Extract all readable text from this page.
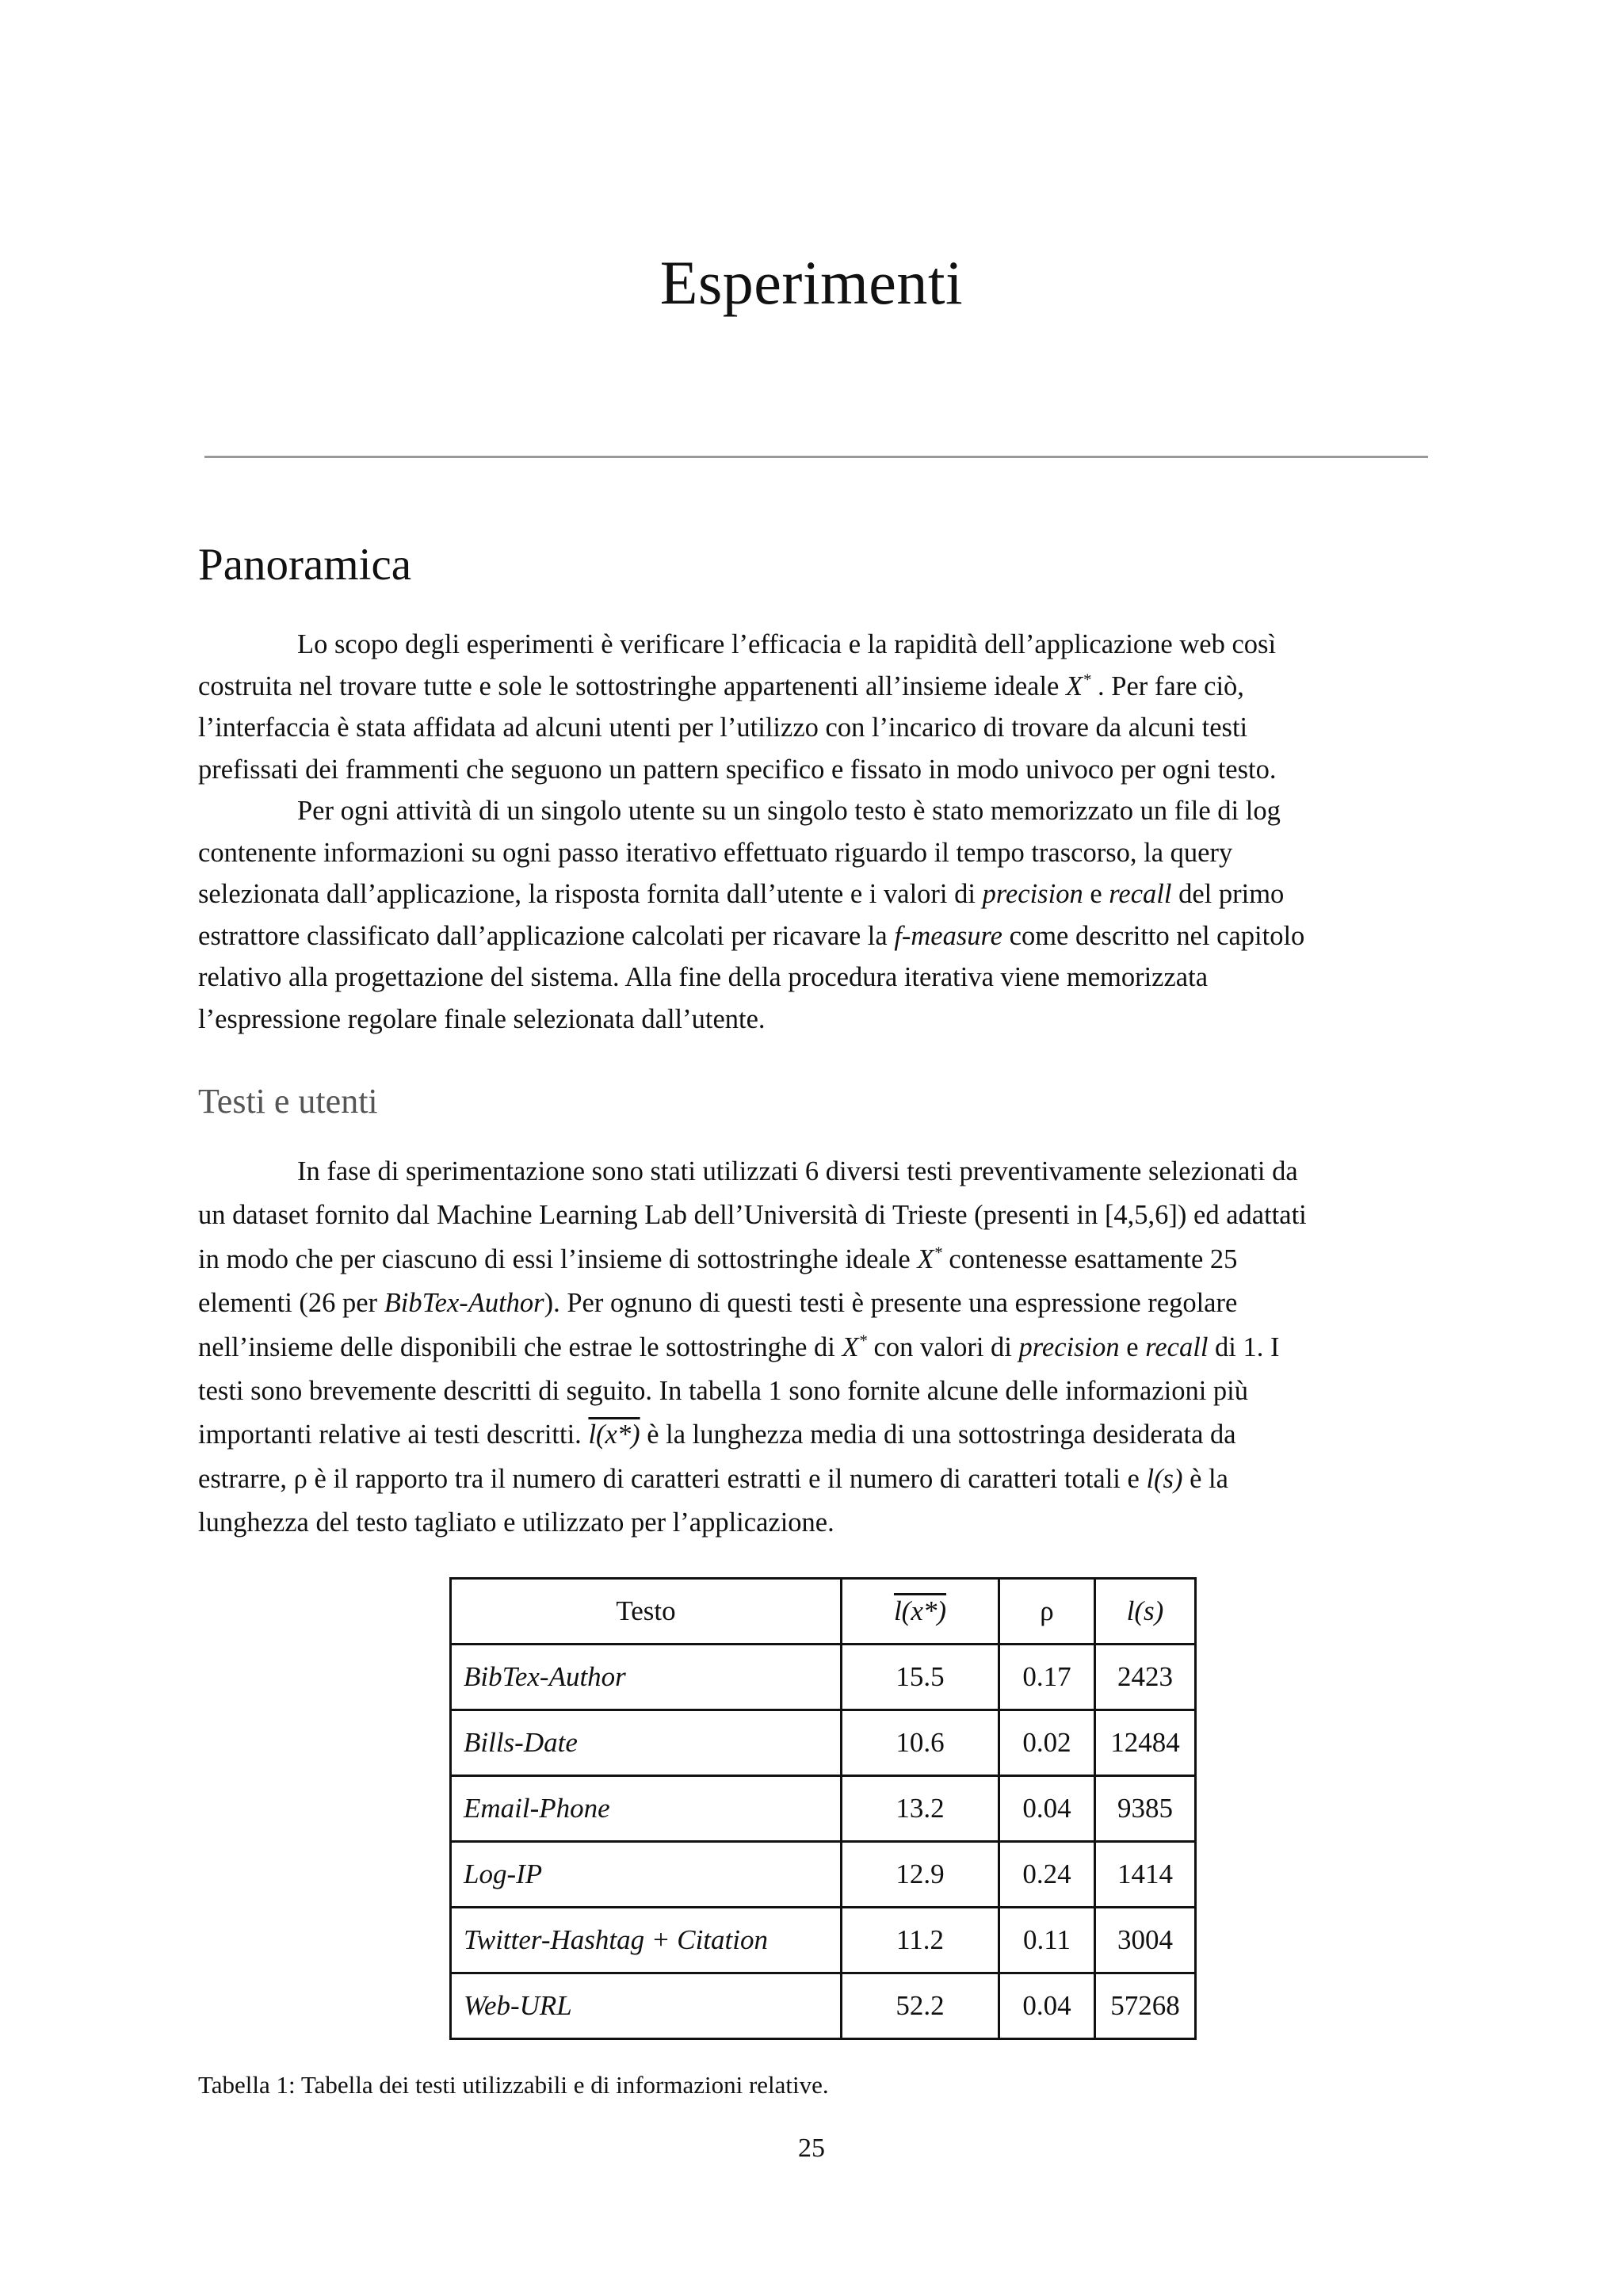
Esperimenti
Panoramica
Lo scopo degli esperimenti è verificare l’efficacia e la rapidità dell’applicazione web così
costruita nel trovare tutte e sole le sottostringhe appartenenti all’insieme ideale X* . Per fare ciò,
l’interfaccia è stata affidata ad alcuni utenti per l’utilizzo con l’incarico di trovare da alcuni testi
prefissati dei frammenti che seguono un pattern specifico e fissato in modo univoco per ogni testo.
Per ogni attività di un singolo utente su un singolo testo è stato memorizzato un file di log
contenente informazioni su ogni passo iterativo effettuato riguardo il tempo trascorso, la query
selezionata dall’applicazione, la risposta fornita dall’utente e i valori di precision e recall del primo
estrattore classificato dall’applicazione calcolati per ricavare la f-measure come descritto nel capitolo
relativo alla progettazione del sistema. Alla fine della procedura iterativa viene memorizzata
l’espressione regolare finale selezionata dall’utente.
Testi e utenti
In fase di sperimentazione sono stati utilizzati 6 diversi testi preventivamente selezionati da
un dataset fornito dal Machine Learning Lab dell’Università di Trieste (presenti in [4,5,6]) ed adattati
in modo che per ciascuno di essi l’insieme di sottostringhe ideale X* contenesse esattamente 25
elementi (26 per BibTex-Author). Per ognuno di questi testi è presente una espressione regolare
nell’insieme delle disponibili che estrae le sottostringhe di X* con valori di precision e recall di 1. I
testi sono brevemente descritti di seguito. In tabella 1 sono fornite alcune delle informazioni più
importanti relative ai testi descritti. l(x*) è la lunghezza media di una sottostringa desiderata da
estrarre, ρ è il rapporto tra il numero di caratteri estratti e il numero di caratteri totali e l(s) è la
lunghezza del testo tagliato e utilizzato per l’applicazione.
Testo	l(x*)	ρ	l(s)
BibTex-Author	15.5	0.17	2423
Bills-Date	10.6	0.02	12484
Email-Phone	13.2	0.04	9385
Log-IP	12.9	0.24	1414
Twitter-Hashtag + Citation	11.2	0.11	3004
Web-URL	52.2	0.04	57268

Tabella 1: Tabella dei testi utilizzabili e di informazioni relative.

25
